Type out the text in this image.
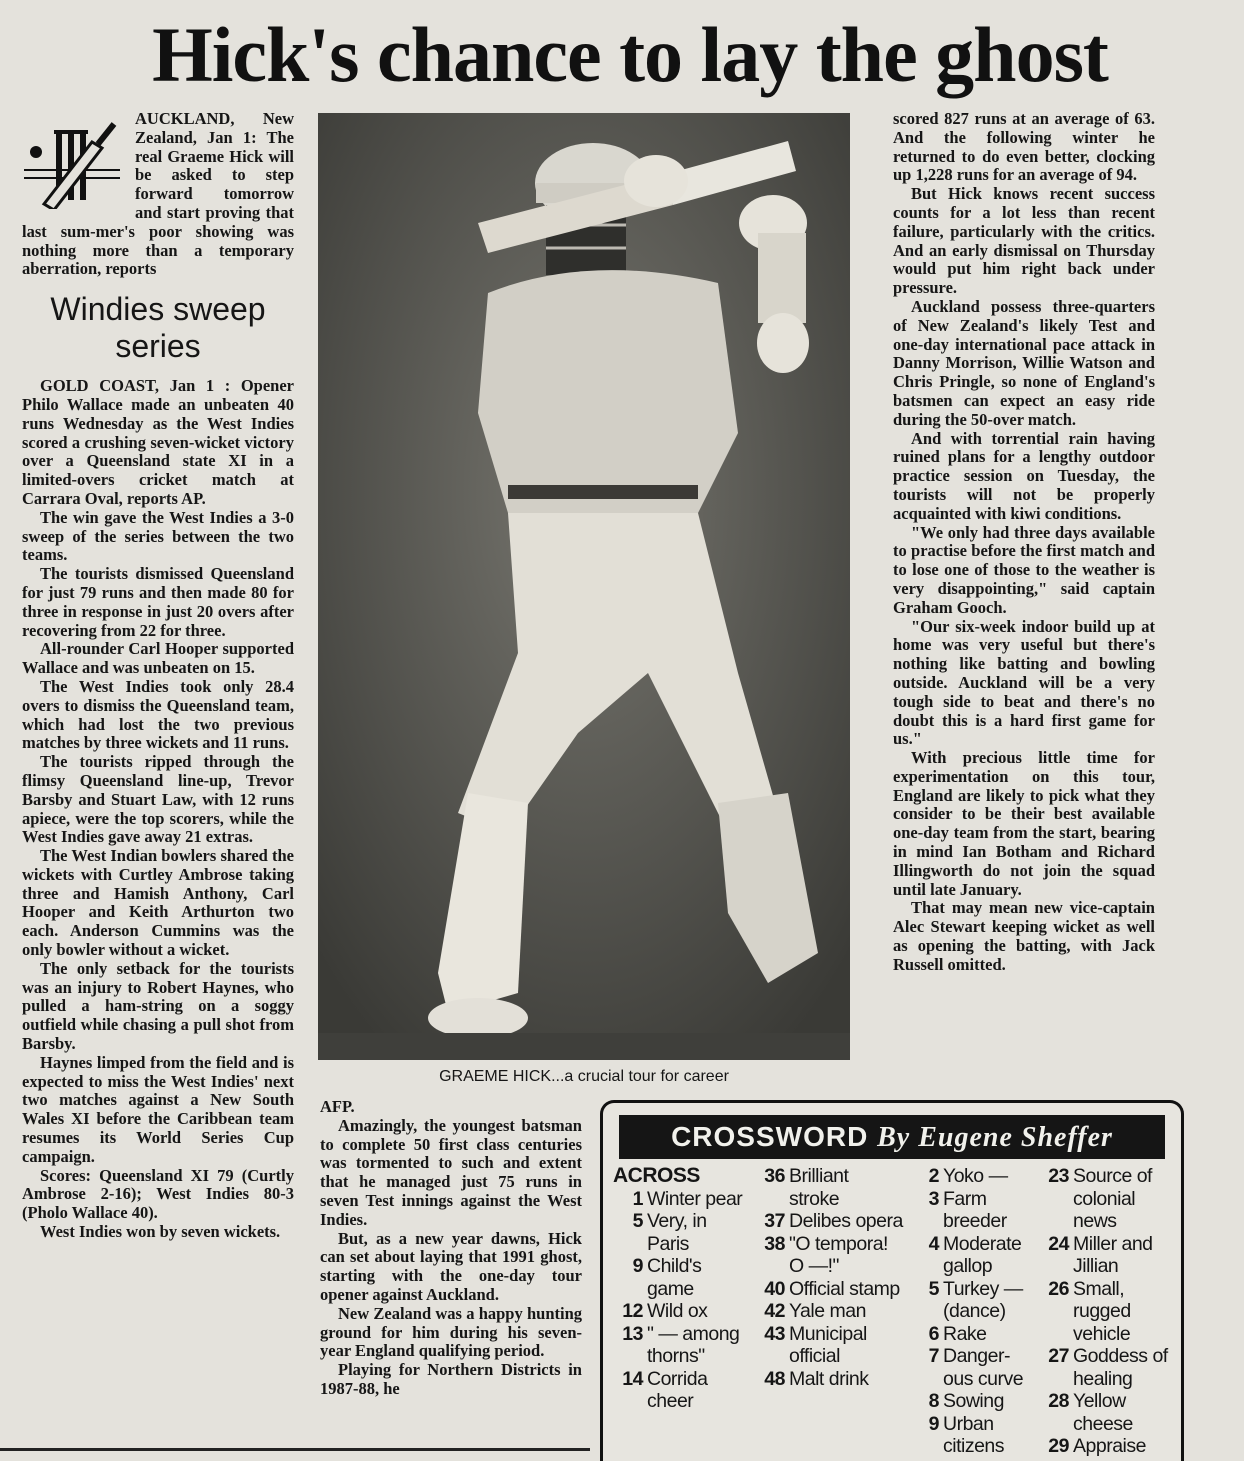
Hick's chance to lay the ghost

AUCKLAND, New Zealand, Jan 1: The real Graeme Hick will be asked to step forward tomorrow and start proving that last sum-mer's poor showing was nothing more than a temporary aberration, reports

Windies sweep series

GOLD COAST, Jan 1 : Opener Philo Wallace made an unbeaten 40 runs Wednesday as the West Indies scored a crushing seven-wicket victory over a Queensland state XI in a limited-overs cricket match at Carrara Oval, reports AP.

The win gave the West Indies a 3-0 sweep of the series between the two teams.

The tourists dismissed Queensland for just 79 runs and then made 80 for three in response in just 20 overs after recovering from 22 for three.

All-rounder Carl Hooper supported Wallace and was unbeaten on 15.

The West Indies took only 28.4 overs to dismiss the Queensland team, which had lost the two previous matches by three wickets and 11 runs.

The tourists ripped through the flimsy Queensland line-up, Trevor Barsby and Stuart Law, with 12 runs apiece, were the top scorers, while the West Indies gave away 21 extras.

The West Indian bowlers shared the wickets with Curtley Ambrose taking three and Hamish Anthony, Carl Hooper and Keith Arthurton two each. Anderson Cummins was the only bowler without a wicket.

The only setback for the tourists was an injury to Robert Haynes, who pulled a ham-string on a soggy outfield while chasing a pull shot from Barsby.

Haynes limped from the field and is expected to miss the West Indies' next two matches against a New South Wales XI before the Caribbean team resumes its World Series Cup campaign.

Scores: Queensland XI 79 (Curtly Ambrose 2-16); West Indies 80-3 (Pholo Wallace 40).

West Indies won by seven wickets.

GRAEME HICK...a crucial tour for career

AFP.

Amazingly, the youngest batsman to complete 50 first class centuries was tormented to such and extent that he managed just 75 runs in seven Test innings against the West Indies.

But, as a new year dawns, Hick can set about laying that 1991 ghost, starting with the one-day tour opener against Auckland.

New Zealand was a happy hunting ground for him during his seven-year England qualifying period.

Playing for Northern Districts in 1987-88, he

scored 827 runs at an average of 63. And the following winter he returned to do even better, clocking up 1,228 runs for an average of 94.

But Hick knows recent success counts for a lot less than recent failure, particularly with the critics. And an early dismissal on Thursday would put him right back under pressure.

Auckland possess three-quarters of New Zealand's likely Test and one-day international pace attack in Danny Morrison, Willie Watson and Chris Pringle, so none of England's batsmen can expect an easy ride during the 50-over match.

And with torrential rain having ruined plans for a lengthy outdoor practice session on Tuesday, the tourists will not be properly acquainted with kiwi conditions.

"We only had three days available to practise before the first match and to lose one of those to the weather is very disappointing," said captain Graham Gooch.

"Our six-week indoor build up at home was very useful but there's nothing like batting and bowling outside. Auckland will be a very tough side to beat and there's no doubt this is a hard first game for us."

With precious little time for experimentation on this tour, England are likely to pick what they consider to be their best available one-day team from the start, bearing in mind Ian Botham and Richard Illingworth do not join the squad until late January.

That may mean new vice-captain Alec Stewart keeping wicket as well as opening the batting, with Jack Russell omitted.

CROSSWORD By Eugene Sheffer
ACROSS
1 Winter pear
5 Very, in Paris
9 Child's game
12 Wild ox
13 " — among thorns"
14 Corrida cheer
36 Brilliant stroke
37 Delibes opera
38 "O tempora! O —!"
40 Official stamp
42 Yale man
43 Municipal official
48 Malt drink
2 Yoko —
3 Farm breeder
4 Moderate gallop
5 Turkey — (dance)
6 Rake
7 Danger-ous curve
8 Sowing
9 Urban citizens
23 Source of colonial news
24 Miller and Jillian
26 Small, rugged vehicle
27 Goddess of healing
28 Yellow cheese
29 Appraise
